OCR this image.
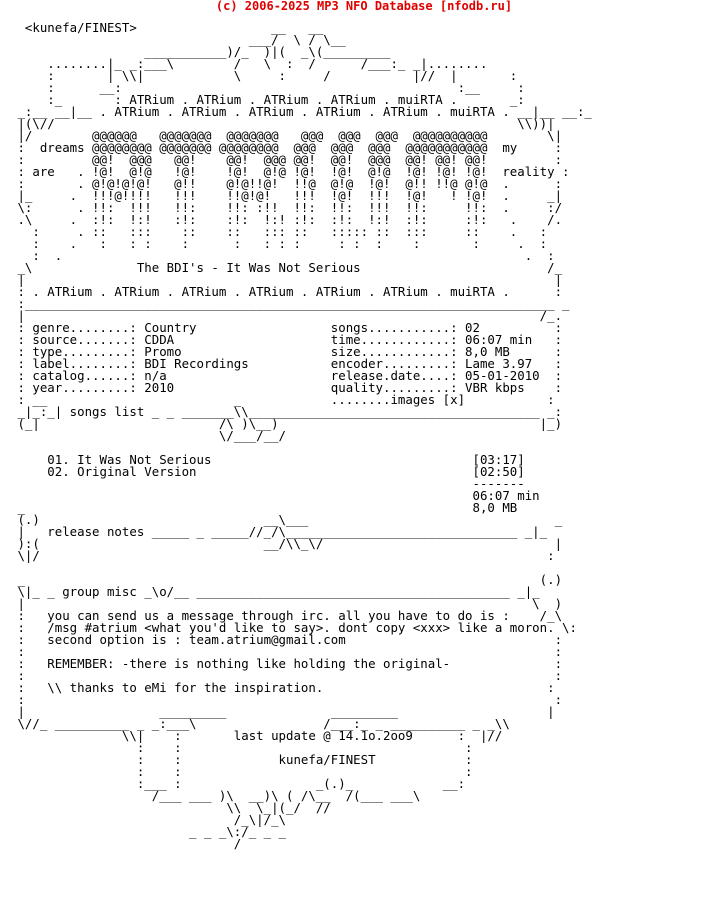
(c) 2006-2025 MP3 NFO Database [nfodb.ru]
<kunefa/FINEST>                  __   __
___/  \ / \__
___________)/_  )|(  _\(_________
........|_ _:___\        /   \  :  /      /___:_ _|........
:       | \\|            \     :     /           |//  |       :
:      __:                                             :__     :
:_       : ATRium . ATRium . ATRium . ATRium . muiRTA .       _:
_:__ __|__ . ATRium . ATRium . ATRium . ATRium . ATRium . muiRTA . __|__ __:_
|(\//                                                              \\))|
|/        @@@@@@   @@@@@@@  @@@@@@@   @@@  @@@  @@@  @@@@@@@@@@        \|
:  dreams @@@@@@@@ @@@@@@@ @@@@@@@@  @@@  @@@  @@@  @@@@@@@@@@@  my     :
:         @@!  @@@   @@!    @@!  @@@ @@!  @@!  @@@  @@! @@! @@!         :
: are   . !@!  @!@   !@!    !@!  @!@ !@!  !@!  @!@  !@! !@! !@!  reality :
:       . @!@!@!@!   @!!    @!@!!@!  !!@  @!@  !@!  @!! !!@ @!@  .      :
|_     .  !!!@!!!!   !!!    !!@!@!   !!!  !@!  !!!  !@!   ! !@!  .     _|
\:      . !!:  !!!   !!:    !!: :!!  !!:  !!:  !!!  !!:     !!:  .     :/
.\     .  :!:  !:!   :!:    :!:  !:! :!:  :!:  !:!  :!:     :!:   .    /.
:     . ::   :::    ::    ::   ::: ::   ::::: ::  :::     ::    .   :
:    .   :   : :    :      :   : : :     : :  :    :       :     .  :
:  .                                                              .  :
_\              The BDI's - It Was Not Serious                         /_
|                                                                       |
: . ATRium . ATRium . ATRium . ATRium . ATRium . ATRium . muiRTA .      :
:_______________________________________________________________________ _
|                                                                     /_.
: genre........: Country                  songs...........: 02          :
: source.......: CDDA                     time............: 06:07 min   :
: type.........: Promo                    size............: 8,0 MB      :
: label........: BDI Recordings           encoder.........: Lame 3.97   :
: catalog......: n/a                      release.date....: 05-01-2010  :
: year.........: 2010                     quality.........: VBR kbps    :
: __                         _            ........images [x]           :
_|_:_| songs list _ _ _______\\_______________________________________ _:
(_|                        /\ )\__)                                   |_)
\/___/__/

01. It Was Not Serious                                   [03:17]
02. Original Version                                     [02:50]
-------
06:07 min
_                                                            8,0 MB
(.)                              __\___                                 _
|   release notes _____ _ _____//_/\_______________________________ _|_
):(                              __/\\_\/                               |
\|/                                                                    :

_                                                                     (.)
\|_ _ group misc _\o/__ __________________________________________ _|_
|                                                                    \  )
:   you can send us a message through irc. all you have to do is :    /_\
:   /msg #atrium <what you'd like to say>. dont copy <xxx> like a moron. \:
:   second option is : team.atrium@gmail.com                            :
:                                                                       :
:   REMEMBER: -there is nothing like holding the original-              :
:                                                                       :
:   \\ thanks to eMi for the inspiration.                              :
:                                                                       :
|                  _________              _________                    |
\//_ __________ _ _:___\                 /___:_ _ __________ _ _\\
\\|    :       last update @ 14.1o.2oo9      :  |//
:    :                                      :
:    :             kunefa/FINEST            :
:    :                                      :
:___ :                  _(.)_            __:
/___ ___ )\  __)\ ( /\__  /(___ ___\
\\  \_|(_/  //
/_\|/_\
_ _ _\:/_ _ _
/
